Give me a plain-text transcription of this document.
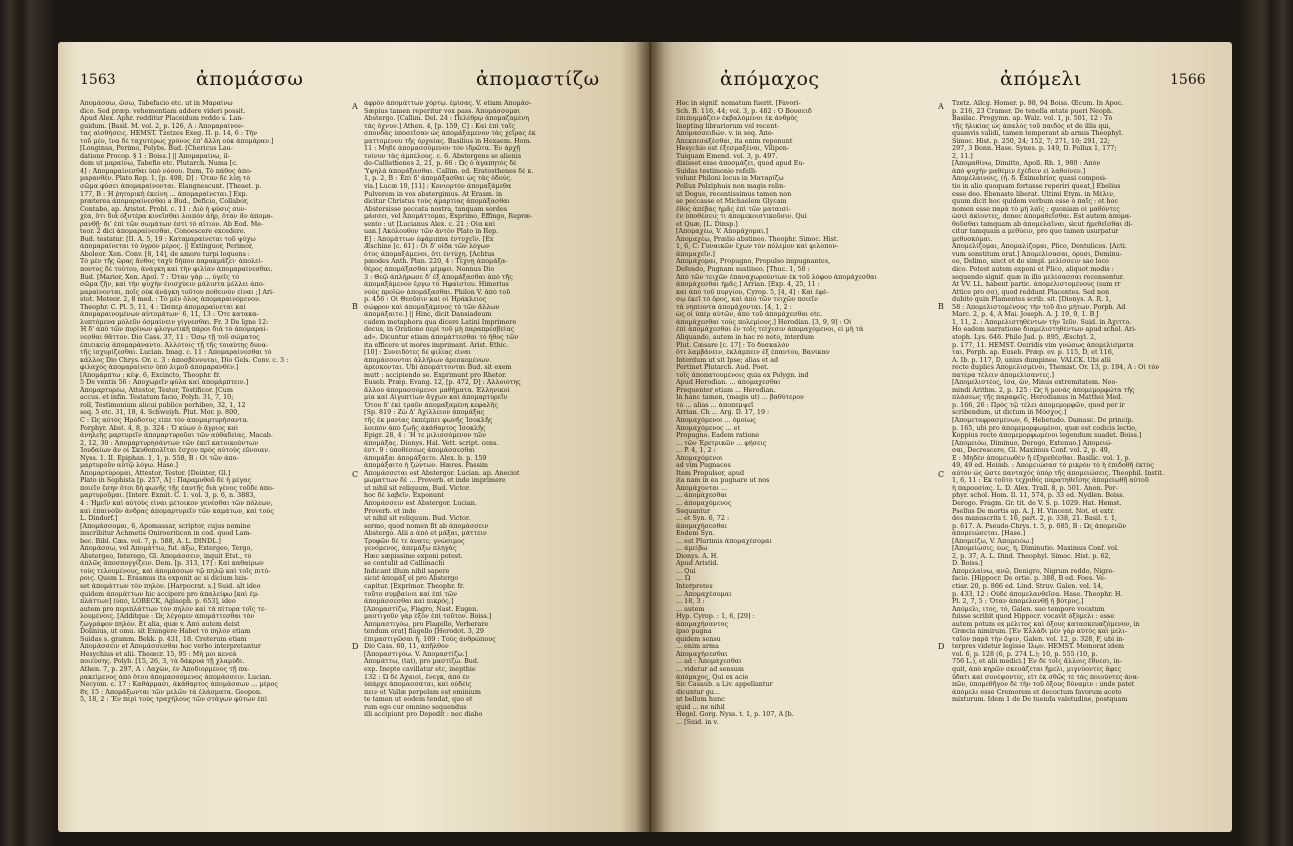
1563	ἀπομάσσω	ἀπομαστίζω
Ἀπομάσσω, ῶσω, Tabefacio etc. ut in Μαραίνω
dico. Sed præp. vehementiam addere videri possit.
Apud Alex. Aphr. redditur Placeidum reddo s. Lan-
guidum. [Basil. M. vol. 2, p. 126, A : Ἀπομαραίνον-
τας αἰσθήσεις. HEMST. Tzetzes Exeg. II. p. 14, 6 : Τὴν
τοῦ μὲν, ἵνα δὲ ταχυτέρως χρόνος ἐπ' ἄλλη οὐκ ἀπομάραν.]
[Longinus, Perimo, Polybs. Bud. [Chericus Lau-
datione Procop. § 1 : Boiss.] || Ἀπομαραίνω, il-
dem ut μαραίνω, Tabefio etc. Plutarch. Numa [c.
4] : Ἀπομαραίνεσθαι ὑπὸ νόσου. Item, Τὸ πάθος ἀπο-
μαρανθέν. Plato Rep. 1, [p. 498, D] : Ὅταν δὲ λύῃ τὸ
σῶμα φύσει ἀπομαραίνονται. Elangnescunt. [Theaet. p.
177, B : Ἡ ῥητορική ἐκείνη ... ἀπομαραίνεται.] Exp.
præterea ἀπομαραίνεσθαι a Bud., Deficio, Collabor,
Contabo, ap. Aristot. Probl. c. 11 : Διὸ ἡ φύσις συν-
χέα, ὅτι διὰ ὀξυτέρα κινεῖσθαι λοιπὸν ἀὴρ, ὅταν ἂν ἀπομα-
ρανθῇ· δι' ἐπὶ τῶν σωμάτων ἐστὶ τὸ αἴτιον. Ab Eod. Me-
teor. 2 dici ἀπομαραίνεσθαι, Conoescere excedere.
Bud. testatur. [II. A. 5, 19 : Καταμαραίνεται τοῦ ψύχω
ἀπομαραίνεται τὸ ὑγρὸν μέρος. || Extinguor, Perimor,
Aboleor. Xen. Conv. [8, 14], de amore turpi loquens :
Τὸ μὲν τῆς ὥρας ἄνθος ταχὺ δήπου παρακμάζει· ἀπολεί-
ποντος δὲ τούτου, ἀνάγκη καὶ τὴν φιλίαν ἀπομαραίνεσθαι.
Bud. [Marior, Xen. Apol. 7 : Ὅταν γὰρ ... ὑγεῖς τὸ
σῶμα ζῆν, καὶ τὴν ψυχὴν ἐνισχύειν μάλιστα μέλλει ἀπο-
μαραίνονται, ποῖς οὐκ ἀνάγκη τοῦτον ποθεινὸν εἶναι ;] Ari-
stot. Meteor. 2, 8 med. : Τὸ μὲν ὅλος ἀπομαραινόμενον.
Theophr. C. Pl. 5, 11, 4 : Ὥσπερ ἀπομαραίνεται καὶ
ἀπομαραινομένων αὐτομάτων· 6, 11, 13 : Ὅτε κατακα-
λυπτόμενα μόλεῦν ὀσμαίνειν γίγνεσθαι. Fr. 3 De Igne 12:
Ἡ δ' ἀπὸ τῶν πυρίνων φλογωτικὴ πάροι διὰ τὸ ἀπομαραί-
νεσθαι θᾶττον. Dio Cass. 37, 11 : Ὅσῳ τῇ τοῦ σώματος
ἐπιεικείᾳ ἀπομαράναντο. Ἀλλότοις τῇ τῆς τοιαύτης δυνα-
τῆς ἰσχυρίζεσθαι. Lucian. Imag. c. 11 : Ἀπομαραίνεσθαι τὸ
κάλλος Dio Chrys. Or. c. 3 : ἀποσβέννυται, Dio Gels. Conv. c. 3 :
φιλαχὸς ἀπομαραίνειν ὑπὸ λιμοῦ ἀπομαρανθέν.]
[Ἀπομάρπτω ; κέψ. 6, Excincto, Theophr. fr.
5 De ventis 56 : Ἀποχωρεῖν φύλα καὶ ἀπομάρπτειν.]
Ἀπομαρτυρέω, Attestor, Testor, Testificor. [Cum
accus. et infin. Testatum facio, Polyb. 31, 7, 10;
roll, Testimonium alicui publice perhibeo, 32, 1, 12
seq. 5 etc. 31, 18, 4. Schweiyh. Plut. Mor. p. 800,
C : Ὡς αὐτὸς Ἡρόδοτος εἶπε τὸν ἀπομαρτυρήσαντα.
Porphyr. Abst. 4, 8, p. 324 : Ὅ κύων ὁ ἄγριος καὶ
ἀνηλεὴς μαρτυρεῖν ἀπομαρτυροῦσι τῶν αὐθαδείας. Macab.
2, 12, 30 : Ἀπομαρτυρησάντων τῶν ἐκεῖ κατοικούντων
Ἰουδαίων ἃν οἱ Σκυθοπολῖται ἔσχον πρὸς αὐτοὺς εὔνοιαν.
Nyss. 1. II. Epiphan. 1, 1, p. 558, B : Οἱ τῶν ἀπο-
μαρτυροῦν αὐτῷ λόγω. Hase.]
Ἀπομαρτύρομαι, Attestor, Testor. [Deinter, Gl.]
Plato in Sophista [p. 257, A] : Παραμυθοῦ δὲ ἡ μέγας
ποιεῖν ἔσην ὅτοι δὴ φωνῆς τῆς ἑαυτῆς διὰ γένος τοῦδε ἀπο-
μαρτυροῦμαι. [Interr. Exmit. C. 1. vol. 3, p. 6, n. 3883,
4 : Ἡμεῖν καὶ αὐτοὺς εἰναι μέτοικον γενέσθαι τῶν πόλεων,
καὶ ἐπαινοῦν ἀνδρας ἀπομαρτυρεῖν τῶν καμάτων, καὶ τούς
L. Dindorf.]
[Ἀπομάσσομαι, 6, Apomassar, scriptor, cujus nomine
inscribitur Achmetis Oniroeriticon in cod. quod Lam-
bec. Bibl. Cæs. vol. 7, p. 588, A. L. DINDL.]
Ἀπομάσσω, vel Ἀπομάττω, fut. ἀξω, Extergeo, Tergo,
Abstergeo, Interego, Gl. Ἀπομάσσειν, inquit Etst., τὸ
ἁπλῶς ἀποσπογγίζειν. Dem. [p. 313, 17] : Καὶ καθαίρων
τοὺς τελουμένους, καὶ ἀπομάσσων τῷ πηλῷ καὶ τοῖς πιτύ-
ροις. Quem L. Erasmus ita exponit ac si dicium luis-
set ἀπομάττων τὸν πηλὸν. [Harpocrat. s.] Suid. alt ideo
quidem ἀπομάττων hic accipere pro ἀπαλείφω [καὶ ἐμ-
πλάττων] (ὑπό, LOBECK, Aglaoph. p. 653], ideo
autem pro περιπλάττων τὸν πηλὸν καὶ τὰ πίτυρα τοῖς τε-
λουμένοις. [Additque : Ὡς λέγομεν ἀπομάττεσθαι τὸν
ζωγράφον πηλὸν. Et alia, quæ v. Ἀπὸ autem deist
Dolinius, ut omu. sit Eningere Habet τὸ πηλὸν etiam
Suidas s. gramm. Bekk. p. 431, 18. Creterum etiam
Ἀπομάσσειν et Ἀπομάσσεσθαι hoc verbo interpretantur
Hesychius et alii. Theœcr. 15, 95 : Μὴ μοι κενεά
ποιεύσης. Polyb. [15, 26, 3, τὰ δάκρυα τῇ χλαμύδι.
Athen. 7, p. 297, A : Λαχὼν, ἐν Ἀποδιορμένος τῇ πα-
ρακείμενος ἀπὸ ὅτου ἀπομασσόμενος ἀπομάσσειν. Lucian.
Necyom. c. 17 : Καθάρμασι, ἀκάθαρτος ἀπομάσσων ... μέρος
8v, 15 : Ἀπομάξωνται τῶν μελῶν τὰ ἐλάσματα. Geopon.
5, 18, 2 : Ἔν περὶ τούς τραχήλους τῶν στάγων φύτων ἐπὶ
ἀφρὸν ἀπομάττων χόρτῳ. ἐμίσας. V. etiam Ἀπομάσ-
Sæpius tamen reperitur vox pass. Ἀπομάσσομαι
Abstergo. [Callim. Del. 24 : Πελέθρῳ ἀπομαζαμένη
τὰς ὄχνυν.] Athen. 4, [p. 159, C] : Καὶ ἐπὶ ταῖς
σπονδὰς ὑποσεῖσαν ὡς ἀπομάξαμενον τὰς χεῖρας ἐκ
ματτομένου τῆς ὀρχαίας. Basilius in Hexaem. Hom.
11 : Μηδὲ ἀπομασσόμενον τὸν ἱδρῶτα. Ἐν ἀρχῇ
τοίνυν τὰς ἀμπέλους. c. 6. Abstergens se alienis
do-Callisthenes 2, 21, p. 66 : Ὡς ὁ ἀγαπητὸς δὲ
Ὑψηλὰ ἀπομάξασθαι. Callim. ed. Εratosthenes δὲ κ.
1, p. 2, B : Ἐπὶ δ' ἀπομάξασθαι ὡς τὰς ὁδοὺς.
vis.] Lucæ 10, [11] : Κονιορτὸν ἀπομαξάμεθα
Pulverem in vos abstergimus. At Erasm. in
dicitur Christus τοὺς ἁμαρτίας ἀπομάξασθαι
Abstersisse peccata nostra, tanquam sordes
μάσσει, vel Ἀπομάττομαι, Exprimo, Effingo, Repræ-
sento : ut [Lucianus Alex. c. 21 ; Οἶα καὶ
uan.] Ἀκόλουθον τῶν ἀντὸν Plato in Rep.
E] : Ἀπομάττων ἐφάμιππα ἐντυχεῖν. [Ex
Æschine [c. 61] : Οἱ δ' οἶδα τῶν λόγων
ὅτος ἀπομαξάμενοι, ὅτι ἐντύχη. [Achtus
pæodes Anth. Plan. 220, 4 : Τέχνῃ ἀπομάξα-
θέρος ἀπομάξασθαι μέμφει. Nonnus Dio
3 : Θεῷ ἀπλήρωσε δ' ἐξ ἀπομάξασθαι ἀπὸ τῆς
ἀπομαξάμενον ἔργω τὸ Ἡφαίστου. Himerius
νοὺς προϊὼν ἀπομάξασθαι. Philon V. ἀπὸ τοῦ
p. 456 : Οἱ Θεοῦσιν καὶ οἱ Ἡράκλειος
σώφρον καὶ ἀπομαξάμενος τὸ τῶν ἄλλων
ἀπομάξαιτο.] || Hinc, dicit Dansiadeum
cadem metaphora qua dicere Latini Imprimere
decus, in Oratione περὶ τοῦ μὴ παραπρεσβείας
ad«. Dicuntur etiam ἀπομάττεσθαι τὸ ἦθος τῶν
ita efficere ut mores imprimant. Arist. Ethic.
[10] : Συνειδότες δὲ φιλίας εἶναι
ἀπομάσσονται ἀλλήλων ἀρεσκομένων.
ἀρέσκονται. Ubi ἀπομάττονται Bud. sit exem
mutt : accipiendo se. Exprimunt pro Rhetor.
Euseb. Præp. Evang. 12, [p. 472, D] : Ἀλλοιότης
ἄλλου ἀπομασσόμενοι μαθήματα. Ἐλληνικοί
μία καὶ Αἰγυπτίων ἄγχων καὶ ἀπομαρτυρεῖν
Ὅτου δ' ἐκὶ τραῦν ἀπομαξαμένη κεφαλῆς
[Sp. 819 : Ζὼ Δ' Ἀχίλλειον ἀπομάξας
τῆς ἐκ μανίας ἐκπέμπει φωνῆς Ἰσοκλῆς
λοιπὸν ἀπὸ ζωῆς ἀκάθαρτος Ἰσοκλῆς
Epigr. 28, 4 : Ἢ τε μιλισσόμενον τῶν
ἀπομάξας. Dionys. Hal. Vett. script. cens.
ἐστ. 9 : ὑποθέσεως ἀπομάσσεσθαι
ἀπομάξαι ἀπομάξαιτο. Alex. b. p. 159
ἀπομάξαιτο ἡ ζώντων. Hæres. Passim
Ἀπομάσσεται est Abstergor. Lucian. ap. Aneciot
μωματτων δὲ ... Proverb. et inde imprimere
ut nihil sit reliquum, Bud. Victor.
hoc δὲ λαβεῖν. Exponunt
Ἀπομάσσειν est Abstergor. Lucian.
Proverb. et inde
ut nihil sit reliquum. Bud. Victor.
sermo, quod nomen fit ab ἀπομάσσειν
Abstergo. Alii a ἀπό et μάξαι, μάττειν
Τρυφῶν δὲ τε ἀνατε; γνώσιμος
γενόμενος, ἀπεμάξω πληγὰς
Hæc sæpissime exponi potest.
se contulit ad Callimachi
Indicant illum nihil sapere
sicut ἀπομάξ el pro Abstergo
capitur. [Exprimor. Theophr. fr.
τοῦτο συμβαίνει καὶ ἐπὶ τῶν
ἀπομάσσεσθαι καὶ πικρός.]
[Ἀπομαστίζω, Flagro, Nast. Eugen.
μαστιγοῦν γὰρ ἐξὸν ἐπὶ τοῦτον. Boiss.]
Ἀπομαστιγόω, pro Flagello, Verberare
tendum erat] flagello [Herodot. 3, 29
ἐπιμαστιγῶσαι ἢ, 169 : Τοὺς ἀνθρώπους
Dio Cass. 60, 11, ἀπῆλθον
[Ἀπομαστιγόω. V. Ἀπομαστίζω.]
Ἀπομάττω, (tat), pro μαστίζω. Bud.
exp. Inepte cavillatur etc, inepthie
132 : Ὦ δὲ Ἀχαιοὶ, ἔνεγκ, ἀπό ἐν
ὑπάρχε ἀπομασσάται, καὶ οὐδεὶς
πειν et Vallæ perpelam est ominium
te tamen ut eodem tendat, quo et
rum ego cur omnino sequendus
illi accipiunt pro Depedit : nec diabo
A
B
C
D
ἀπόμαχος	ἀπόμελι	1566
Hoc in signif. nomatum fuerit. [Favori-
Sch. B. 116, 44; vol. 3, p. 482 : Ὁ Βουσειδ
ἐπιπομμάζειν ἐκβαλόμενοι ἐκ ἀνθρὸς
Inepting librariorum vel recent-
Ἀπομασσειδών. v. in seq. Ἀπο-
Ἀπεκπεσαξέσθαι, ita enim reponunt
Hesychio est ἐξεσμαξέναι, Vilipen-
Tuiquam Emend. vol. 3, p. 497.
dixisset esse ἀποσμάζει, quod apud Eu-
Suidas testimonio refelli-
volunt Philoni locus in Ματαρίζω
Pollux Polziphuis non magis relin-
ut Dogue, recentissimus tamen non
se peccasse et Michaelem Glycam
ἔθος ἀπέβας ἡμᾶς ἐπὶ τῶν ματαισί-
ἐν ὑποθέσεις τι ἀπομεκοιστικοῦσιν. Qui
et Quæ, [L. Dinsp.]
[Ἀπομαχέω, V. Ἀπομάχομαι.]
Ἀπομαχέω, Prælio abstineo. Theophr. Simoc. Hist.
1, 6, C: Γυναικῶν ἔχων τὸν πόλεμον καὶ φιλοπον-
ἀπομαχεῖν.]
Ἀπομάχομαι, Propugno, Propulso impugnantes,
Defendo, Pugnam sustineo. [Thuc. 1, 50 :
Ἀπὸ τῶν τειχῶν ἐπαναχωρούντων ἐκ τοῦ λόφου ἀπομάχεσθαι
ἀπομάχεσθαι ἡμᾶς.] Arrian. [Exp. 4, 25, 11 :
καὶ ἀπὸ τοῦ πυργίου, Cyrop. 5, [4, 4] : Καὶ ἐφέ-
σῳ ἐκεῖ τὸ ὄρος, καὶ ἀπὸ τῶν τειχῶν ποιεῖν
τὰ νηπίοντα ἀπομάχονται. [4, 1, 2 :
ὡς οἱ ὑπὲρ αὐτῶν, ἀπὸ τοῦ ἀπομάχεσθαι etc.
ἀπομάχεσθαι τοὺς πολεμίους.] Herodian. [3, 9, 9] : Οἱ
ἐπὶ ἀπομάχεσθαι ἐν τοῖς τείχεσιν ἀπομαχόμενοι, εἰ μὴ τὰ
Aliquando, autem in hac re noto, interdum
Plut. Cæsare [c. 17] : Τὸ δυσκαλὸν
ὅτι λαμβάνειν, ἐκλάμπειν ἐξ ἐπαντου, Βανίκαν
Interdum ut sit Ipse; alias et ad
Pertinet Plutarch. Aud. Poet.
τοῖς ἀποπατουμένοις quia ex Polygn. ind
Apud Herodian. ... ἀπομαχεσθαι
Frequenter etiam ... Herodian.
In hanc tamen, (magis ut) ... βαθύτερον
τὸ ... alias ... ἀποπεμψεῖ
Arrian. Ch ... Arg. D. 17, 19 :
Ἀπομαχόμενοι ... ὁμοίως
Ἀπομαχόμενος ... et
Propugno. Eadem ratione
... τῶν Ἐρετρικῶν ... φήσεις
... P. 4, 1, 2 :
Ἀπομαχόμενοι
ad vim Pugnaces
Item Propulsor, apud
ita nam in ea pugnare ut nos
Ἀπομάχονται ...
... ἀπομάχεσθαι
... ἀπομαχόμενος
Sequantur
... et Syn. 6, 72 :
ἀπομαχήσεσθαι
Eodem Syn.
... est Plurimis ἀπομαχέσομαι
... ἀμείβω
Dionys. A. H.
Apud Aristid.
... Qui
... Ὧ
Interpretes
... Ἀπομαχέσομαι
... 18, 3 :
... autem
Hyp. Cyrop. : 1, 6, [29] :
ἀπομαχήσαντος
ipso pugna
quidem sensu
... enim arma
Ἀπομαχήσεσθαι
... ad : Ἀπομάχεσθαι
... videtur ad sensum
ἀπόμαχος, Qui ex acie
Sic Casaub. a Liv. appellantur
dicuntur gu...
nt bellum hunc
quid ... ne nihil
Hegel. Gorg. Nyss. t. 1, p. 107, A [b.
... [Suid. in v.
Tzetz. Allcg. Homer. p. 98, 94 Boiss. Œcum. In Apoc.
p. 216, 23 Cramer. De tenella ætate pueri Neoph.
Basilac. Progymn. ap. Walz. vol. 1, p. 501, 12 : Τὸ
τῆς ἡλικίας ὡς ἀπαλὸς τοῦ παιδὸς et de illis qui,
quamvis validi, tamen temperant ab armis Theophyl.
Simoc. Hist. p. 250, 24; 152, 7; 271, 10; 291, 22;
297, 3 Bonn. Hase. Synes. p. 149, D. Pollux 1, 177;
2, 11.]
[Ἀπομαθίνω, Dimitto, Apoll. Rh. 1, 980 : Ἀπὸν
ἀπὸ ψυχὴν μαθέμιν ἐχέδειν εἰ λαθοίνεν.]
Ἀπομέλαινοις, (ἡ. δ. Eximebrior, quasi composi-
tio in alio quoquam fortasse reperiri queat,] Ebelius
esse deo. Ebenaste liberat. Ultimi Etym. in Μέλιν,
quum dicit hoc quidem verbum esse ὁ παῖς : et hoc
nomen esse παρὰ τὸ μὴ λαΐς : quoniam οἱ μαθόντες
ὡσεὶ ἀκίοντες, donec ἀπομαθεῖσθαι. Est autem ἀπομα-
θοῦσθαι tamquam ab ἀπομελαῖναι, sicut ἠμεθεῖσθαι di-
citur tamquam a μεθύειν, pro quo tamen usurpatur
μεθυσκόμαι.
Ἀπομελίζομαι, Ἀπομαλίζομαι, Plico, Dentulices. [Acti.
vum sonstitum erat.] Ἀπομελίσασαι, ὀρυσι, Deminu-
eo, Delimo, sinct et de simpl. μελίσσειν sao loco
dico. Potest autem exponi et Plico, aliquot modis :
sequendo signif. quæ in illo μελίσασσαι recensentur.
At VV. LL. habent partic. ἀπομελιστομένους (sum rr
Attice pro σσ), quod reddunt Placentes. Sed non
dubito quin Plamentes scrib. sit. [Dionys. A. R. 1,
58 : Ἀπομελιστομένους τὴν τοῦ ἄιο μήτων. Porph. Ad
Marc. 2, p. 4, A Mai. Joseph. A. J. 19, 9, 1. B J
1, 11, 2. : Ἀπομελιστηθέντων τὴν Ἰεῦν. Suid. in Ἀχιττο.
Ho eadem narratione διαμελιστηθέντων apud schol. Ari-
stoph. Lys. 646. Philo Jud. p. 895, Æschyl. 2,
p. 177, 11. HEMST. Oeiridis vim γνώσως ἀπομελίσματα
ται, Porph. ap. Euseb. Præp. ev. p. 115, D, et 116,
A. Ib. p. 117, D, unius dumpinee. VALCK. Ubi alii
recte duplics Ἀπομελισμένοι, Themist. Or. 13, p. 194, A : Οἷ τὸν
πατέρα τέλειν ἀπομελίσαντες.]
[Ἀπομελιστέος, ἴσα, ὤν, Minus extremitatem. Neo-
mindi Arithm. 2, p. 125 : Ὡς ἡ μονὰς ἀπομεμορφώτα τῆς
πλάσεως τῆς παραφεῖς. Herodianus in Matthei Med.
p. 166, 26 : Πρὸς τῷ τέλει ἀπομεμορφῶν, quod per ir
scribendum, ut dictum in Μόσχος.]
[Ἀπομεταφρασμένων, 6, Hebetudo. Damasc. De princip.
p. 165, ubi pro ἀπομεμορφωμένοι, quæ est codicis lectio,
Koppius recte ἀπομεμορφωμένοι legendum suadet. Boiss.]
[Ἀπομειόω, Diminuo, Derogo, Extenuo.] Ἀπομειώ-
σαι, Decrescere, Gl. Maximus Conf. vol. 2, p. 49,
E : Μηδὲν ἀπομειωθὲν ἢ ἐξηρεθέσθαι. Basilic. vol. 1, p.
49, 49 ed. Heimb. : Ἀπομειώσασ τό μικρὸν τὸ ἡ ἐπιδοθῆ ἐκτὸς
αὐτὸν ὡς ὥστε πανταχὸς ὑπὸρ τῆς ἀπομειώσεις. Theophil. Instit.
1, 6, 11 : Ἐκ τοῦτο τεχριθὲς παρατηθεῖσης ἀπομεἰωθῆ αὐτοῦ
ἡ παρουσίας. L. D. Alex. Trall. 8, p. 501. Anon. Por-
phyr. schol. Hom. Il. 11, 574, p. 33 ed. Nydlen. Boiss.
Derogo. Fragm. Gr. tit. de V. S. p. 1029. Hat. Hemst.
Psellus De mortis ap. A. J. H. Vincent. Not. et extr.
des manuscrits t. 16, part. 2, p. 338, 21. Basil. t. 1,
p. 617. A. Pseudo-Chrys. t. 5, p. 685, B : Ὡς ἀπομειῶν
ἀπομειώσεται. [Hase.]
[Ἀπομείζω, V. Ἀπομειόω.]
[Ἀπομείωσις, εως, ἡ, Diminutio. Maximus Conf. vol.
2, p. 37, A. L. Dind. Theophyl. Simoc. Hist. p. 62,
D. Boiss.]
Ἀπομελαίνω, ανῶ, Denigro, Nigrum reddo, Nigre-
facio. [Hippocr. De ortie. p. 388, B ed. Foes. Ve-
ctiar. 20, p. 866 ed. Lind. Struv. Galen. vol. 14,
p. 433, 12 : Οὐδὲ ἀπομελανθεῖσα. Hase. Theophr. H.
Pl. 2, 7, 5 : Ὅταν ἀπομελανθῇ ἡ βότρυς.]
Ἀπόμελι, ιτος, τό, Galen. suo tempore vocatum
fuisse scribit quod Hippocr. vocavit ὀξύμελι : esse
autem potum ex μέλιτος καὶ ὄξους κατασκευαζόμενον, in
Græcia nimirum. [Ἐν Ἑλλάδι μὲν γὰρ αὐτὸς καὶ μελι-
ταῖον παρὰ τὴν ὄψιν, Galen. vol. 12, p. 328, F, ubi in-
terpres videtur legisse Ἰλῳν. HEMST. Memorat idem
vol. 6, p. 128 (6, p. 274 L.); 10, p. 555 (10, p.
756 L.), et alii medici.] Ἐν δὲ τοῖς ἄλλοις ἔθνεσι, in-
quit, ἀπὸ κηρῶν σκευάζεται ἤμελι, μιγνύοντες ἄφες
ὕδατι καὶ συνέψοντες, εἶτ ἐκ σθῶς τε τὰς ποιούντες ἀνα-
πῶν, ὑπομεθῆγον δὲ τὴν τοῦ ὄξους δύναμιν : unde patet
ἀπόμελι esse Cremorem et decoctum favorum aceto
mixturum. Idem 1 de De tuenda valetudine, postquam
A
B
C
D
